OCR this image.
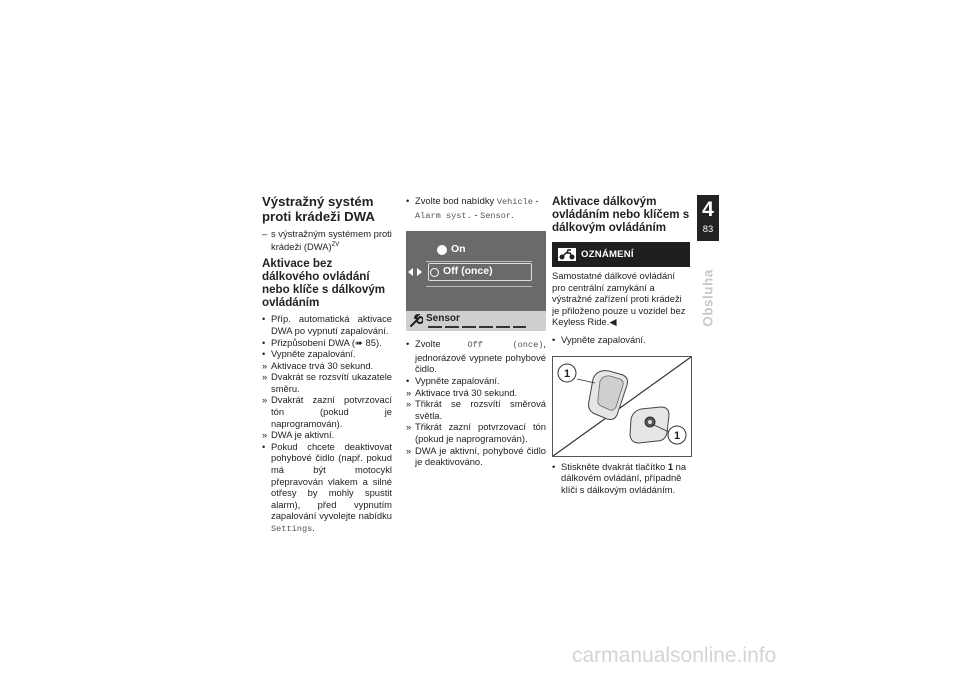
Výstražný systém proti krádeži DWA
– s výstražným systémem proti krádeži (DWA)$^{ZV}$
Aktivace bez dálkového ovládání nebo klíče s dálkovým ovládáním
• Příp. automatická aktivace DWA po vypnutí zapalování.
• Přizpůsobení DWA (➠ 85).
• Vypněte zapalování.
» Aktivace trvá 30 sekund.
» Dvakrát se rozsvítí ukazatele směru.
» Dvakrát zazní potvrzovací tón (pokud je naprogramován).
» DWA je aktivní.
• Pokud chcete deaktivovat pohybové čidlo (např. pokud má být motocykl přepravován vlakem a silné otřesy by mohly spustit alarm), před vypnutím zapalování vyvolejte nabídku Settings.
• Zvolte bod nabídky Vehicle - Alarm syst. - Sensor.
On
Off (once)
Sensor
• Zvolte	Off (once), jednorázově vypnete pohybové čidlo.
• Vypněte zapalování.
» Aktivace trvá 30 sekund.
» Třikrát se rozsvítí směrová světla.
» Třikrát zazní potvrzovací tón (pokud je naprogramován).
» DWA je aktivní, pohybové čidlo je deaktivováno.
Aktivace dálkovým ovládáním nebo klíčem s dálkovým ovládáním
OZNÁMENÍ
Samostatné dálkové ovládání pro centrální zamykání a výstražné zařízení proti krádeži je přiloženo pouze u vozidel bez Keyless Ride.◀
• Vypněte zapalování.
1
1
• Stiskněte dvakrát tlačítko 1 na dálkovém ovládání, případně klíči s dálkovým ovládáním.
4
83
Obsluha
carmanualsonline.info
